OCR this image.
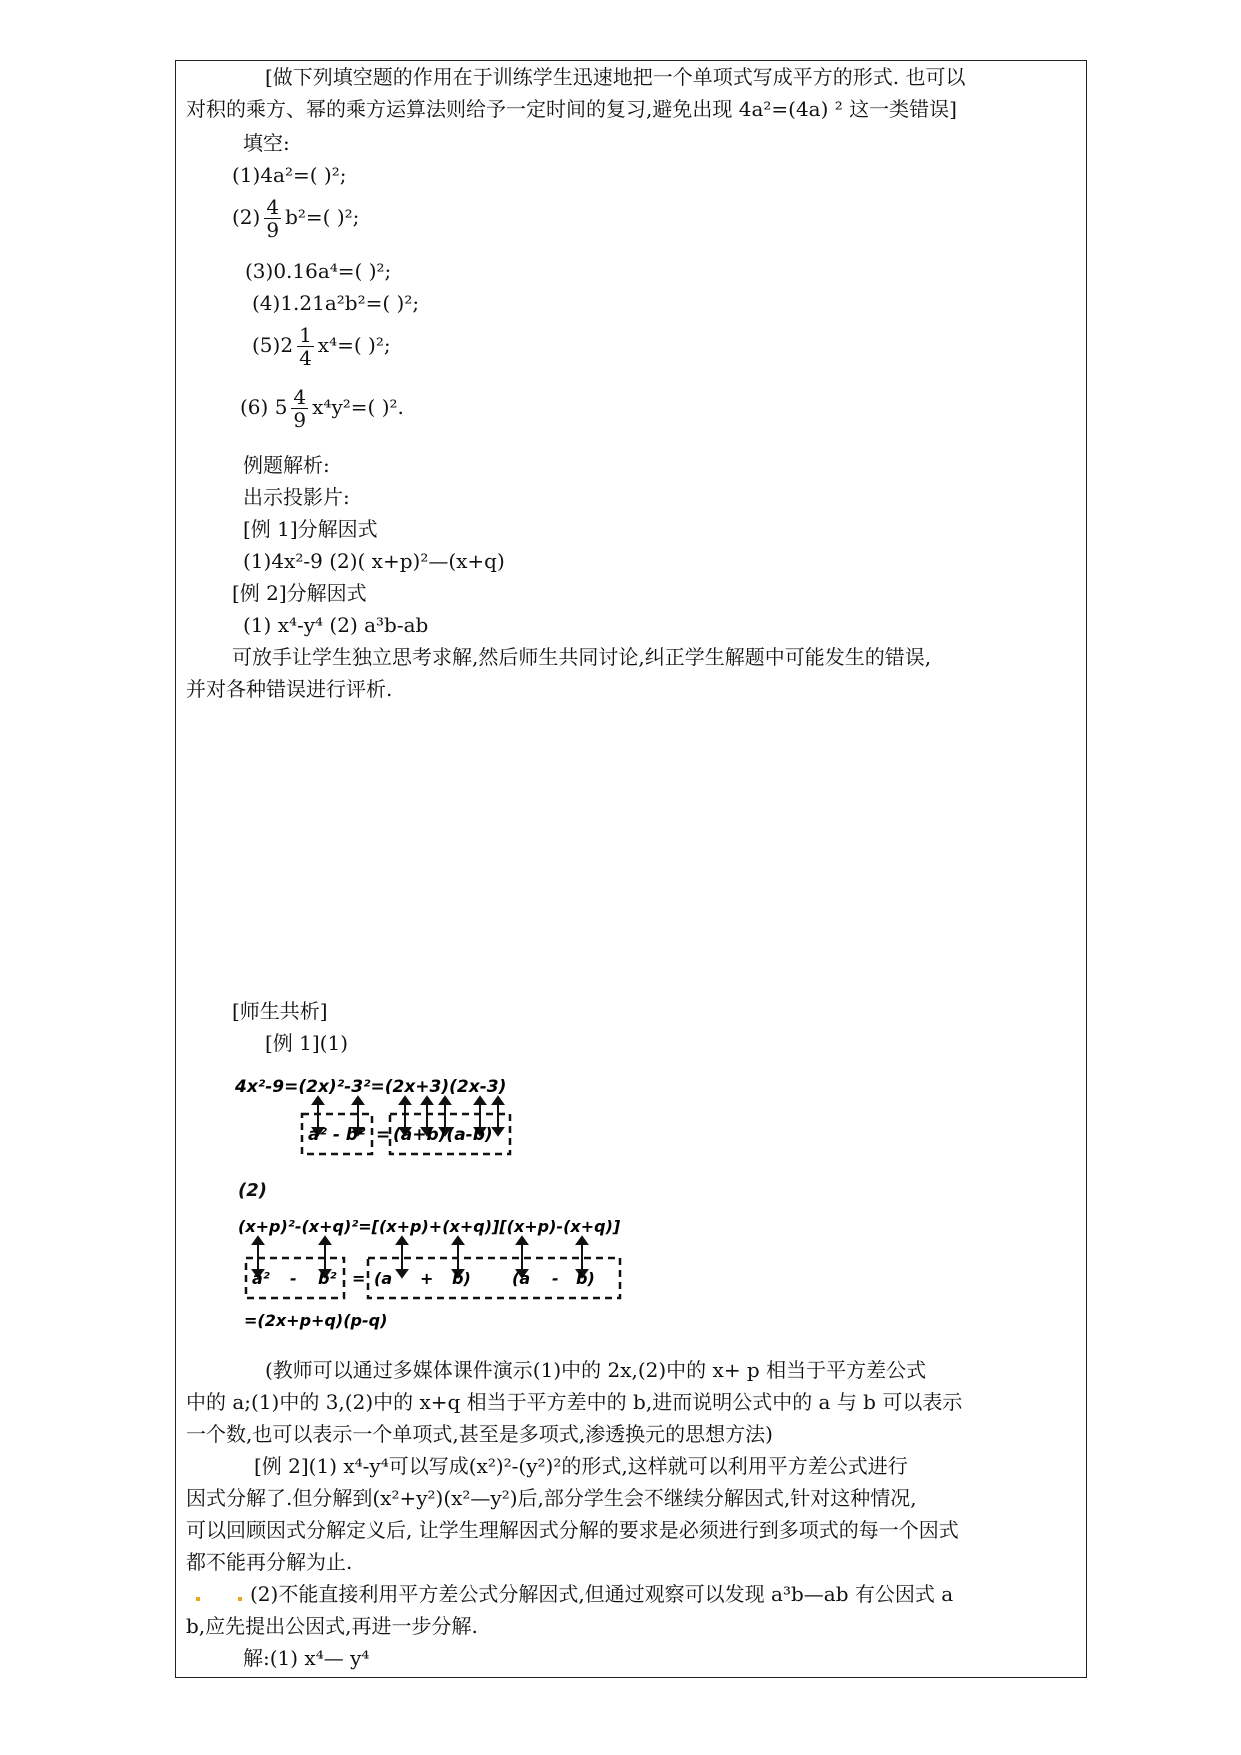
[做下列填空题的作用在于训练学生迅速地把一个单项式写成平方的形式. 也可以
对积的乘方、幂的乘方运算法则给予一定时间的复习,避免出现 4a²=(4a) ² 这一类错误]
填空:
(1)4a²=( )²;
$(2) \frac{4}{9} b^2=$( )²;
(3)0.16a⁴=( )²;
(4)1.21a²b²=( )²;
$(5)2 \frac{1}{4} x^4=$( )²;
(6) $5 \frac{4}{9} x^4y^2=$( )².
例题解析:
出示投影片:
[例 1]分解因式
(1)4x²-9 (2)( x+p)²—(x+q)
[例 2]分解因式
(1) x⁴-y⁴ (2) a³b-ab
可放手让学生独立思考求解,然后师生共同讨论,纠正学生解题中可能发生的错误,
并对各种错误进行评析.
[师生共析]
[例 1](1)
4x²-9=(2x)²-3²=(2x+3)(2x-3)
a² - b² = (a+b)(a-b)
(2)
(x+p)²-(x+q)²=[(x+p)+(x+q)][(x+p)-(x+q)]
a² - b² = (a + b)	(a - b)
=(2x+p+q)(p-q)
(教师可以通过多媒体课件演示(1)中的 2x,(2)中的 x+ p 相当于平方差公式
中的 a;(1)中的 3,(2)中的 x+q 相当于平方差中的 b,进而说明公式中的 a 与 b 可以表示
一个数,也可以表示一个单项式,甚至是多项式,渗透换元的思想方法)
[例 2](1) x⁴-y⁴可以写成(x²)²-(y²)²的形式,这样就可以利用平方差公式进行
因式分解了.但分解到(x²+y²)(x²—y²)后,部分学生会不继续分解因式,针对这种情况,
可以回顾因式分解定义后, 让学生理解因式分解的要求是必须进行到多项式的每一个因式
都不能再分解为止.
(2)不能直接利用平方差公式分解因式,但通过观察可以发现 a³b—ab 有公因式 a
b,应先提出公因式,再进一步分解.
解:(1) x⁴— y⁴
